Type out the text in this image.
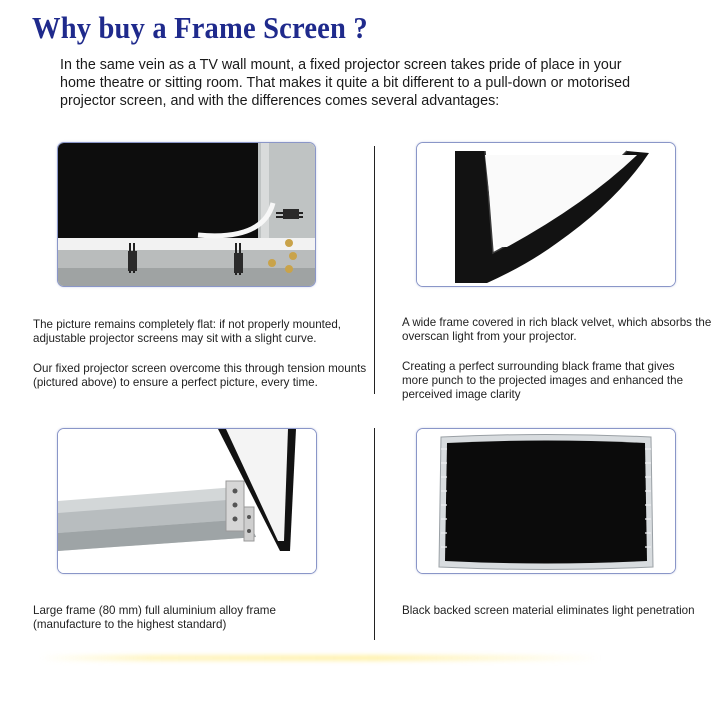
Why buy a Frame Screen ?

In the same vein as a TV wall mount, a fixed projector screen takes pride of place in your home theatre or sitting room. That makes it quite a bit different to a pull-down or motorised projector screen, and with the differences comes several advantages:

The picture remains completely flat: if not properly mounted, adjustable projector screens may sit with a slight curve.

Our fixed projector screen overcome this through tension mounts (pictured above) to ensure a perfect picture, every time.

A wide frame covered in rich black velvet, which absorbs the overscan light from your projector.

Creating a perfect surrounding black frame that gives more punch to the projected images and enhanced the perceived image clarity

Large frame (80 mm) full aluminium alloy frame (manufacture to the highest standard)

Black backed screen material eliminates light penetration
